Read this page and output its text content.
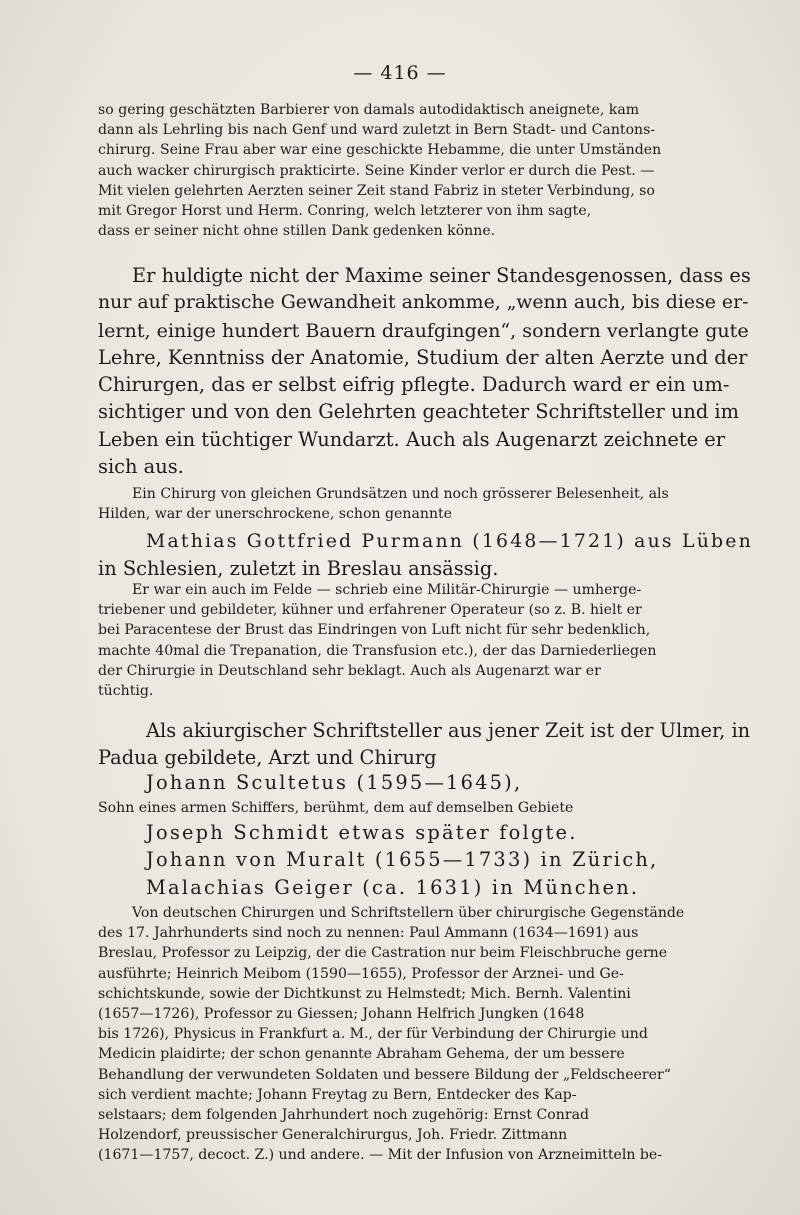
— 416 —

so gering geschätzten Barbierer von damals autodidaktisch aneignete, kam
dann als Lehrling bis nach Genf und ward zuletzt in Bern Stadt- und Cantons-
chirurg. Seine Frau aber war eine geschickte Hebamme, die unter Umständen
auch wacker chirurgisch prakticirte. Seine Kinder verlor er durch die Pest. —
Mit vielen gelehrten Aerzten seiner Zeit stand Fabriz in steter Verbindung, so
mit Gregor Horst und Herm. Conring, welch letzterer von ihm sagte,
dass er seiner nicht ohne stillen Dank gedenken könne.

Er huldigte nicht der Maxime seiner Standesgenossen, dass es
nur auf praktische Gewandheit ankomme, „wenn auch, bis diese er-
lernt, einige hundert Bauern draufgingen“, sondern verlangte gute
Lehre, Kenntniss der Anatomie, Studium der alten Aerzte und der
Chirurgen, das er selbst eifrig pflegte. Dadurch ward er ein um-
sichtiger und von den Gelehrten geachteter Schriftsteller und im
Leben ein tüchtiger Wundarzt. Auch als Augenarzt zeichnete er
sich aus.

Ein Chirurg von gleichen Grundsätzen und noch grösserer Belesenheit, als
Hilden, war der unerschrockene, schon genannte

Mathias Gottfried Purmann (1648—1721) aus Lüben
in Schlesien, zuletzt in Breslau ansässig.

Er war ein auch im Felde — schrieb eine Militär-Chirurgie — umherge-
triebener und gebildeter, kühner und erfahrener Operateur (so z. B. hielt er
bei Paracentese der Brust das Eindringen von Luft nicht für sehr bedenklich,
machte 40mal die Trepanation, die Transfusion etc.), der das Darniederliegen
der Chirurgie in Deutschland sehr beklagt. Auch als Augenarzt war er
tüchtig.

Als akiurgischer Schriftsteller aus jener Zeit ist der Ulmer, in
Padua gebildete, Arzt und Chirurg

Johann Scultetus (1595—1645),
Sohn eines armen Schiffers, berühmt, dem auf demselben Gebiete
Joseph Schmidt etwas später folgte.
Johann von Muralt (1655—1733) in Zürich,
Malachias Geiger (ca. 1631) in München.

Von deutschen Chirurgen und Schriftstellern über chirurgische Gegenstände
des 17. Jahrhunderts sind noch zu nennen: Paul Ammann (1634—1691) aus
Breslau, Professor zu Leipzig, der die Castration nur beim Fleischbruche gerne
ausführte; Heinrich Meibom (1590—1655), Professor der Arznei- und Ge-
schichtskunde, sowie der Dichtkunst zu Helmstedt; Mich. Bernh. Valentini
(1657—1726), Professor zu Giessen; Johann Helfrich Jungken (1648
bis 1726), Physicus in Frankfurt a. M., der für Verbindung der Chirurgie und
Medicin plaidirte; der schon genannte Abraham Gehema, der um bessere
Behandlung der verwundeten Soldaten und bessere Bildung der „Feldscheerer“
sich verdient machte; Johann Freytag zu Bern, Entdecker des Kap-
selstaars; dem folgenden Jahrhundert noch zugehörig: Ernst Conrad
Holzendorf, preussischer Generalchirurgus, Joh. Friedr. Zittmann
(1671—1757, decoct. Z.) und andere. — Mit der Infusion von Arzneimitteln be-
